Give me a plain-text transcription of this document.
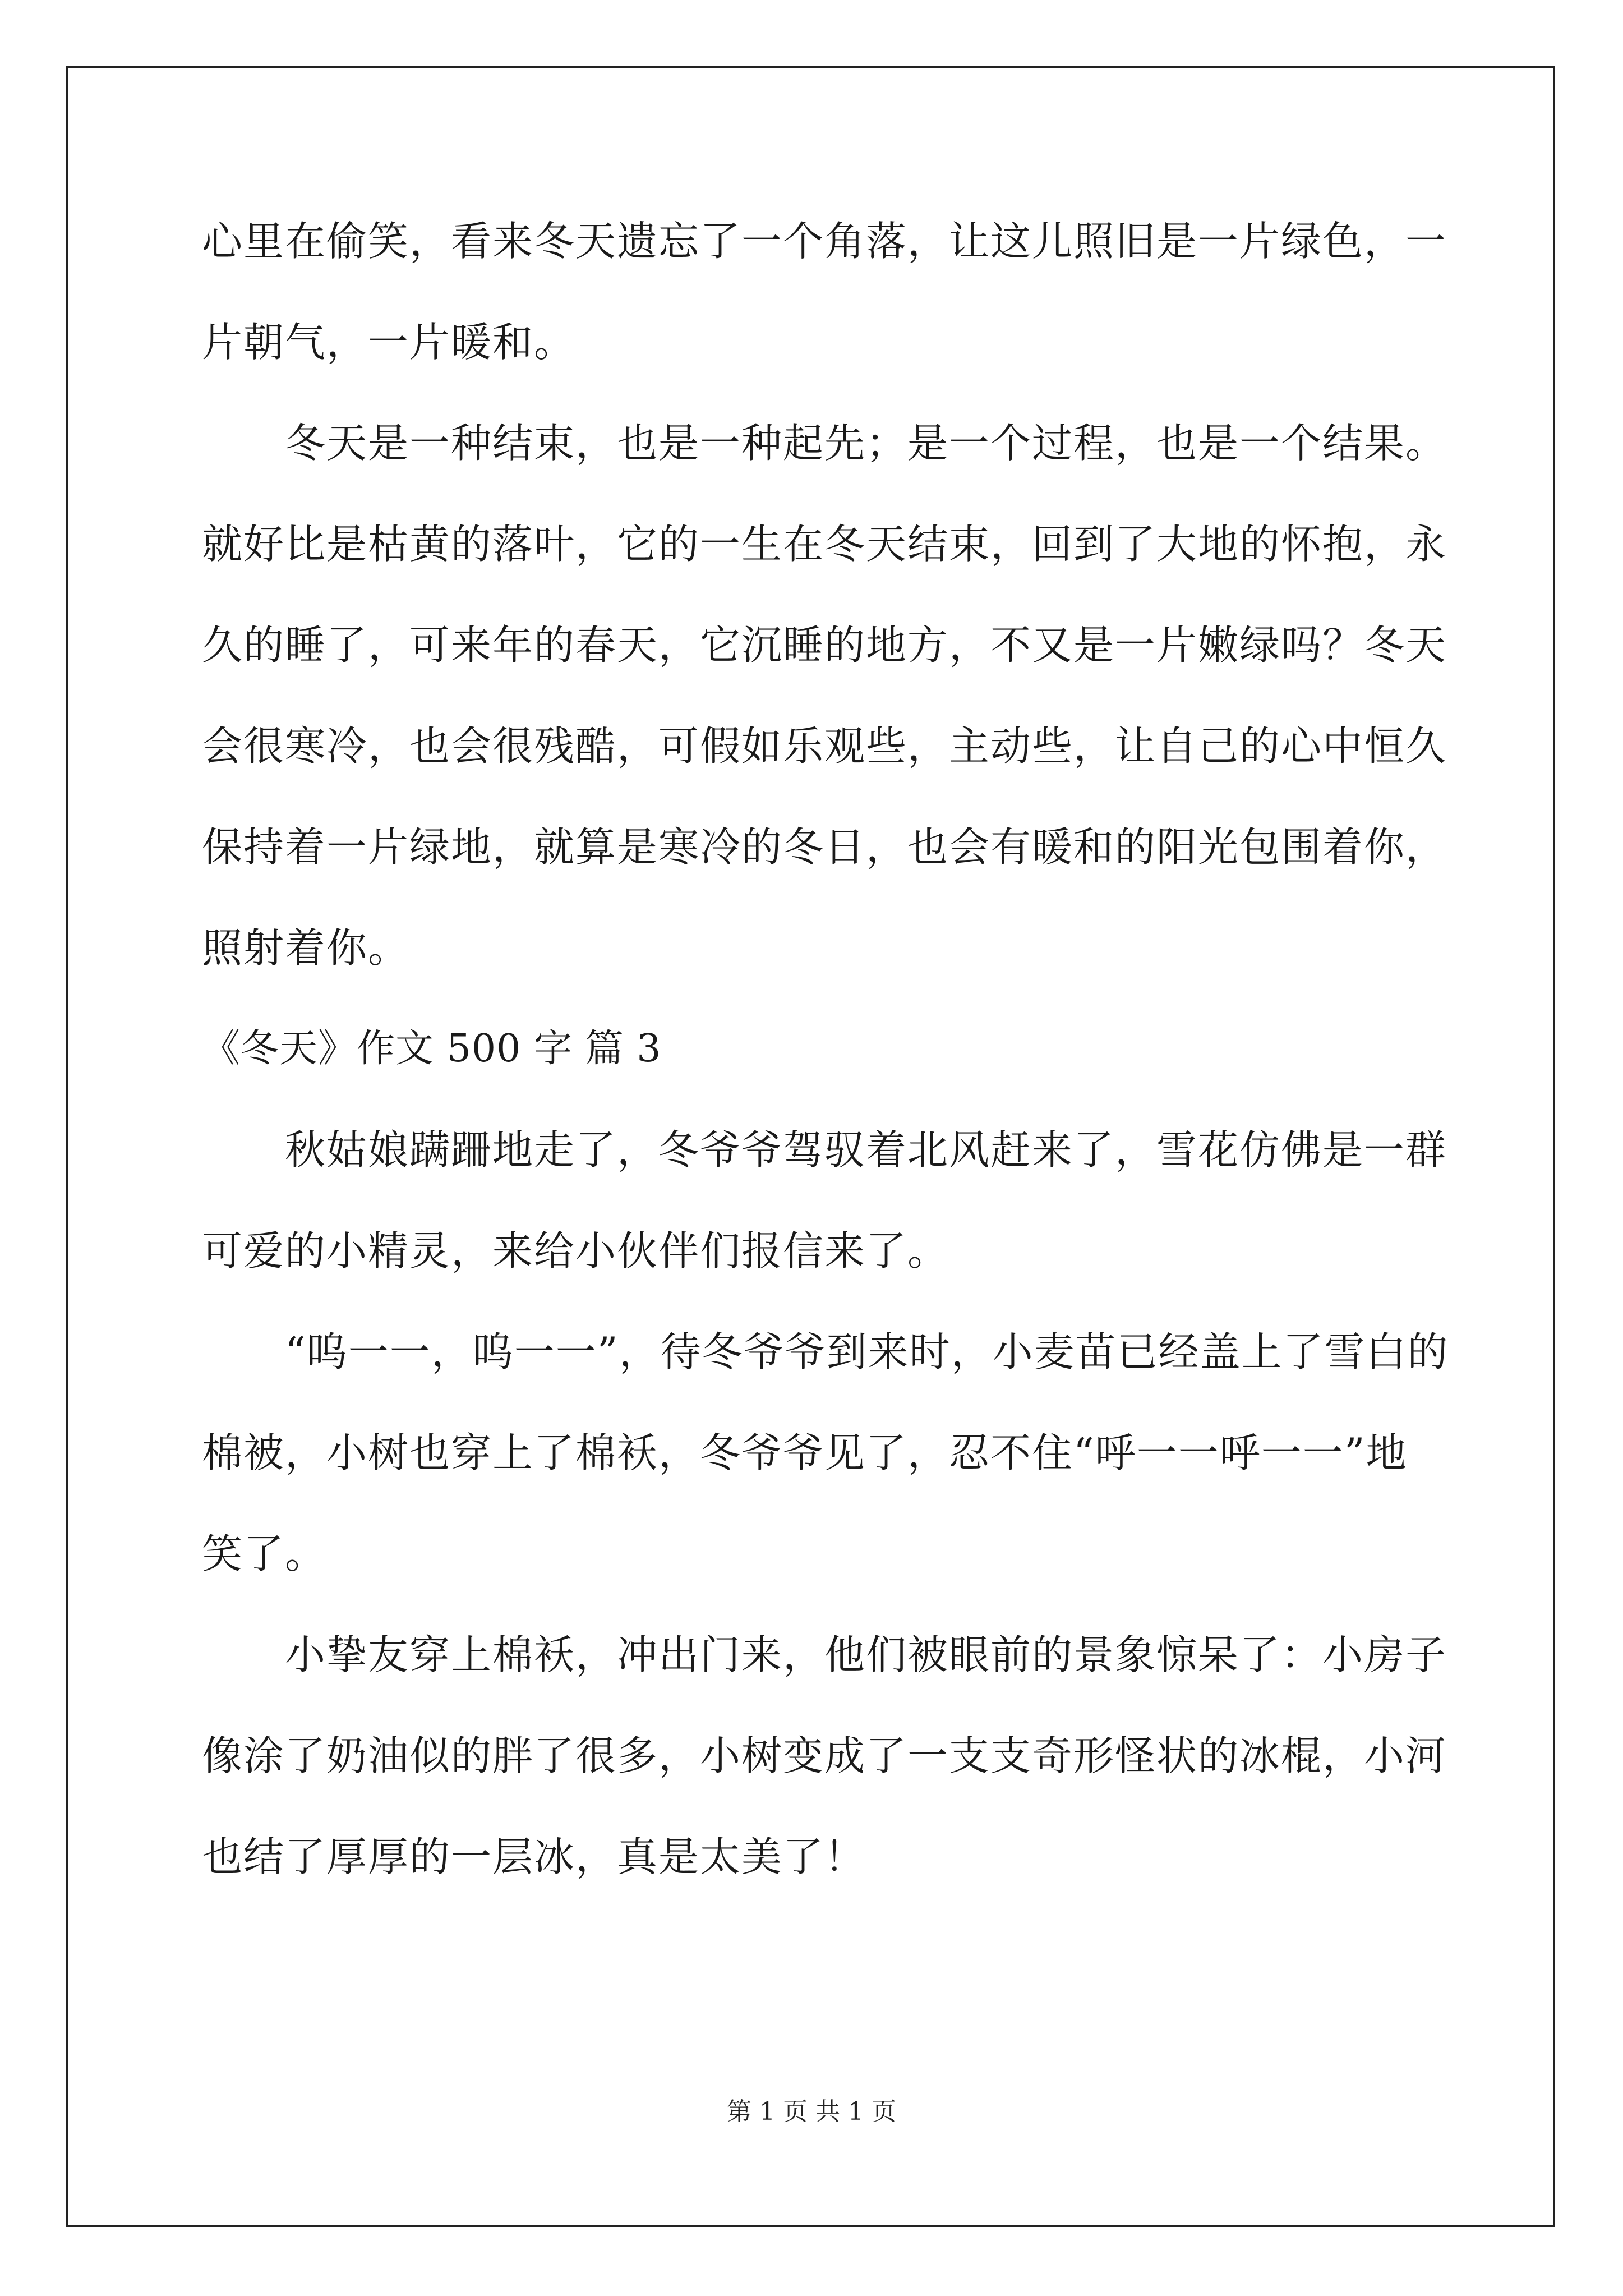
心里在偷笑，看来冬天遗忘了一个角落，让这儿照旧是一片绿色，一
片朝气，一片暖和。
冬天是一种结束，也是一种起先；是一个过程，也是一个结果。
就好比是枯黄的落叶，它的一生在冬天结束，回到了大地的怀抱，永
久的睡了，可来年的春天，它沉睡的地方，不又是一片嫩绿吗？冬天
会很寒冷，也会很残酷，可假如乐观些，主动些，让自己的心中恒久
保持着一片绿地，就算是寒冷的冬日，也会有暖和的阳光包围着你，
照射着你。
《冬天》作文 500 字 篇 3
秋姑娘蹒跚地走了，冬爷爷驾驭着北风赶来了，雪花仿佛是一群
可爱的小精灵，来给小伙伴们报信来了。
“呜一一，呜一一”，待冬爷爷到来时，小麦苗已经盖上了雪白的
棉被，小树也穿上了棉袄，冬爷爷见了，忍不住“呼一一呼一一”地
笑了。
小挚友穿上棉袄，冲出门来，他们被眼前的景象惊呆了：小房子
像涂了奶油似的胖了很多，小树变成了一支支奇形怪状的冰棍，小河
也结了厚厚的一层冰，真是太美了！
第 1 页 共 1 页
